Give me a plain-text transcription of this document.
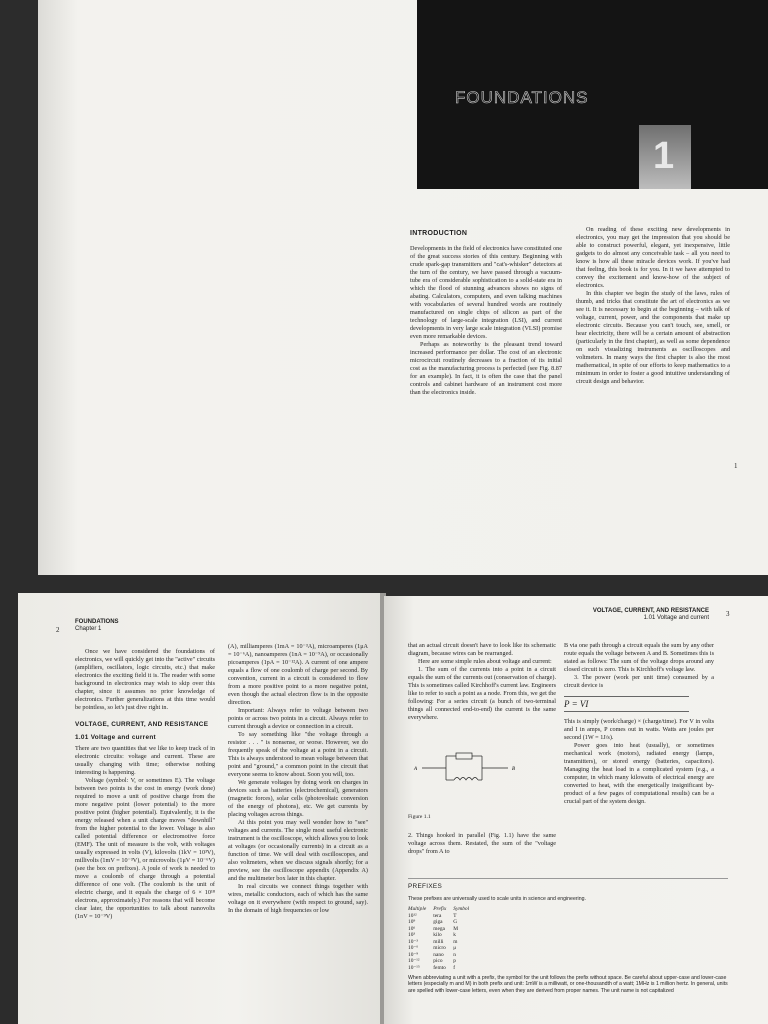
FOUNDATIONS
1
INTRODUCTION

Developments in the field of electronics have constituted one of the great success stories of this century. Beginning with crude spark-gap transmitters and "cat's-whisker" detectors at the turn of the century, we have passed through a vacuum-tube era of considerable sophistication to a solid-state era in which the flood of stunning advances shows no signs of abating. Calculators, computers, and even talking machines with vocabularies of several hundred words are routinely manufactured on single chips of silicon as part of the technology of large-scale integration (LSI), and current developments in very large scale integration (VLSI) promise even more remarkable devices.

Perhaps as noteworthy is the pleasant trend toward increased performance per dollar. The cost of an electronic microcircuit routinely decreases to a fraction of its initial cost as the manufacturing process is perfected (see Fig. 8.87 for an example). In fact, it is often the case that the panel controls and cabinet hardware of an instrument cost more than the electronics inside.

On reading of these exciting new developments in electronics, you may get the impression that you should be able to construct powerful, elegant, yet inexpensive, little gadgets to do almost any conceivable task – all you need to know is how all these miracle devices work. If you've had that feeling, this book is for you. In it we have attempted to convey the excitement and know-how of the subject of electronics.

In this chapter we begin the study of the laws, rules of thumb, and tricks that constitute the art of electronics as we see it. It is necessary to begin at the beginning – with talk of voltage, current, power, and the components that make up electronic circuits. Because you can't touch, see, smell, or hear electricity, there will be a certain amount of abstraction (particularly in the first chapter), as well as some dependence on such visualizing instruments as oscilloscopes and voltmeters. In many ways the first chapter is also the most mathematical, in spite of our efforts to keep mathematics to a minimum in order to foster a good intuitive understanding of circuit design and behavior.

1
FOUNDATIONS
Chapter 1
2

Once we have considered the foundations of electronics, we will quickly get into the "active" circuits (amplifiers, oscillators, logic circuits, etc.) that make electronics the exciting field it is. The reader with some background in electronics may wish to skip over this chapter, since it assumes no prior knowledge of electronics. Further generalizations at this time would be pointless, so let's just dive right in.

VOLTAGE, CURRENT, AND RESISTANCE
1.01 Voltage and current

There are two quantities that we like to keep track of in electronic circuits: voltage and current. These are usually changing with time; otherwise nothing interesting is happening.

Voltage (symbol: V, or sometimes E). The voltage between two points is the cost in energy (work done) required to move a unit of positive charge from the more negative point (lower potential) to the more positive point (higher potential). Equivalently, it is the energy released when a unit charge moves "downhill" from the higher potential to the lower. Voltage is also called potential difference or electromotive force (EMF). The unit of measure is the volt, with voltages usually expressed in volts (V), kilovolts (1kV = 10³V), millivolts (1mV = 10⁻³V), or microvolts (1μV = 10⁻⁶V) (see the box on prefixes). A joule of work is needed to move a coulomb of charge through a potential difference of one volt. (The coulomb is the unit of electric charge, and it equals the charge of 6 × 10¹⁸ electrons, approximately.) For reasons that will become clear later, the opportunities to talk about nanovolts (1nV = 10⁻⁹V)

(A), milliamperes (1mA = 10⁻³A), microamperes (1μA = 10⁻⁶A), nanoamperes (1nA = 10⁻⁹A), or occasionally picoamperes (1pA = 10⁻¹²A). A current of one ampere equals a flow of one coulomb of charge per second. By convention, current in a circuit is considered to flow from a more positive point to a more negative point, even though the actual electron flow is in the opposite direction.

Important: Always refer to voltage between two points or across two points in a circuit. Always refer to current through a device or connection in a circuit.

To say something like "the voltage through a resistor . . . " is nonsense, or worse. However, we do frequently speak of the voltage at a point in a circuit. This is always understood to mean voltage between that point and "ground," a common point in the circuit that everyone seems to know about. Soon you will, too.

We generate voltages by doing work on charges in devices such as batteries (electrochemical), generators (magnetic forces), solar cells (photovoltaic conversion of the energy of photons), etc. We get currents by placing voltages across things.

At this point you may well wonder how to "see" voltages and currents. The single most useful electronic instrument is the oscilloscope, which allows you to look at voltages (or occasionally currents) in a circuit as a function of time. We will deal with oscilloscopes, and also voltmeters, when we discuss signals shortly; for a preview, see the oscilloscope appendix (Appendix A) and the multimeter box later in this chapter.

In real circuits we connect things together with wires, metallic conductors, each of which has the same voltage on it everywhere (with respect to ground, say). In the domain of high frequencies or low

VOLTAGE, CURRENT, AND RESISTANCE
1.01 Voltage and current 3

that an actual circuit doesn't have to look like its schematic diagram, because wires can be rearranged.

Here are some simple rules about voltage and current:

1. The sum of the currents into a point in a circuit equals the sum of the currents out (conservation of charge). This is sometimes called Kirchhoff's current law. Engineers like to refer to such a point as a node. From this, we get the following: For a series circuit (a bunch of two-terminal things all connected end-to-end) the current is the same everywhere.

A	B
Figure 1.1

2. Things hooked in parallel (Fig. 1.1) have the same voltage across them. Restated, the sum of the "voltage drops" from A to

B via one path through a circuit equals the sum by any other route equals the voltage between A and B. Sometimes this is stated as follows: The sum of the voltage drops around any closed circuit is zero. This is Kirchhoff's voltage law.

3. The power (work per unit time) consumed by a circuit device is

P = VI

This is simply (work/charge) × (charge/time). For V in volts and I in amps, P comes out in watts. Watts are joules per second (1W = 1J/s).

Power goes into heat (usually), or sometimes mechanical work (motors), radiated energy (lamps, transmitters), or stored energy (batteries, capacitors). Managing the heat load in a complicated system (e.g., a computer, in which many kilowatts of electrical energy are converted to heat, with the energetically insignificant by-product of a few pages of computational results) can be a crucial part of the system design.

PREFIXES
These prefixes are universally used to scale units in science and engineering.
Multiple	Prefix	Symbol
10¹²	tera	T
10⁹	giga	G
10⁶	mega	M
10³	kilo	k
10⁻³	milli	m
10⁻⁶	micro	μ
10⁻⁹	nano	n
10⁻¹²	pico	p
10⁻¹⁵	femto	f
When abbreviating a unit with a prefix, the symbol for the unit follows the prefix without space. Be careful about upper-case and lower-case letters (especially m and M) in both prefix and unit: 1mW is a milliwatt, or one-thousandth of a watt; 1MHz is 1 million hertz. In general, units are spelled with lower-case letters, even when they are derived from proper names. The unit name is not capitalized
